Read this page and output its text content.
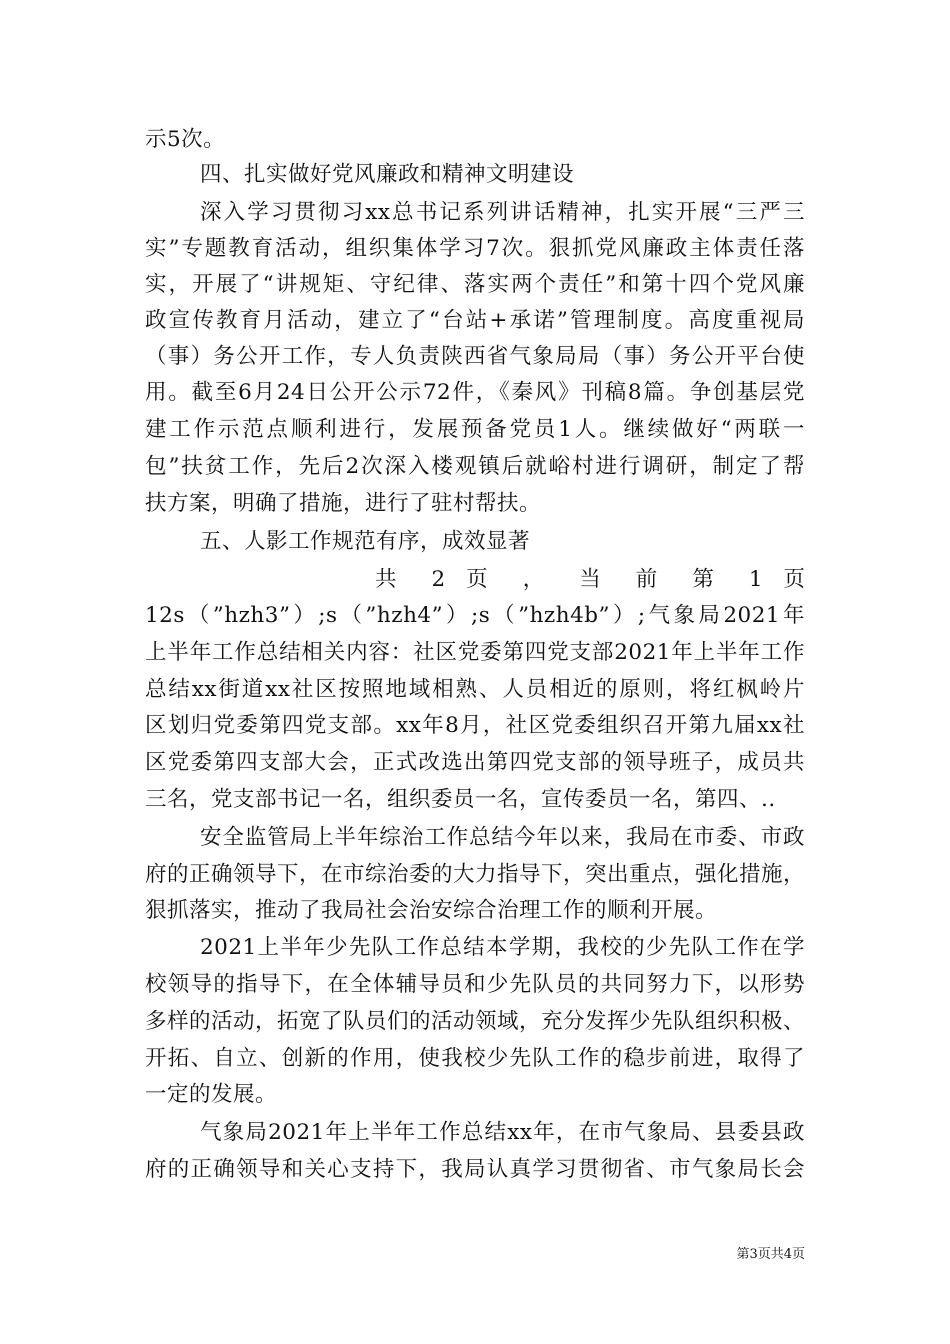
示5次。
四、扎实做好党风廉政和精神文明建设
深入学习贯彻习xx总书记系列讲话精神，扎实开展“三严三
实”专题教育活动，组织集体学习7次。狠抓党风廉政主体责任落
实，开展了“讲规矩、守纪律、落实两个责任”和第十四个党风廉
政宣传教育月活动，建立了“台站+承诺”管理制度。高度重视局
（事）务公开工作，专人负责陕西省气象局局（事）务公开平台使
用。截至6月24日公开公示72件，《秦风》刊稿8篇。争创基层党
建工作示范点顺利进行，发展预备党员1人。继续做好“两联一
包”扶贫工作，先后2次深入楼观镇后就峪村进行调研，制定了帮
扶方案，明确了措施，进行了驻村帮扶。
五、人影工作规范有序，成效显著
共 2 页 ， 当 前 第 1 页
12s（”hzh3”）;s（”hzh4”）;s（”hzh4b”）;气象局2021年
上半年工作总结相关内容：社区党委第四党支部2021年上半年工作
总结xx街道xx社区按照地域相熟、人员相近的原则，将红枫岭片
区划归党委第四党支部。xx年8月，社区党委组织召开第九届xx社
区党委第四支部大会，正式改选出第四党支部的领导班子，成员共
三名，党支部书记一名，组织委员一名，宣传委员一名，第四、..
安全监管局上半年综治工作总结今年以来，我局在市委、市政
府的正确领导下，在市综治委的大力指导下，突出重点，强化措施，
狠抓落实，推动了我局社会治安综合治理工作的顺利开展。
2021上半年少先队工作总结本学期，我校的少先队工作在学
校领导的指导下，在全体辅导员和少先队员的共同努力下，以形势
多样的活动，拓宽了队员们的活动领域，充分发挥少先队组织积极、
开拓、自立、创新的作用，使我校少先队工作的稳步前进，取得了
一定的发展。
气象局2021年上半年工作总结xx年，在市气象局、县委县政
府的正确领导和关心支持下，我局认真学习贯彻省、市气象局长会
第3页共4页
